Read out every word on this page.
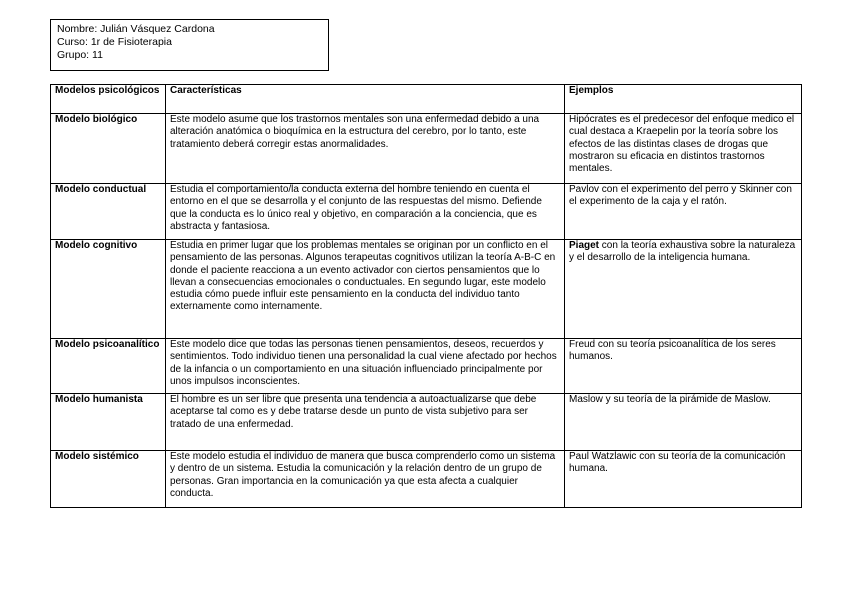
Nombre: Julián Vásquez Cardona
Curso: 1r de Fisioterapia
Grupo: 11
Modelos psicológicos	Características	Ejemplos
Modelo biológico	Este modelo asume que los trastornos mentales son una enfermedad debido a una alteración anatómica o bioquímica en la estructura del cerebro, por lo tanto, este tratamiento deberá corregir estas anormalidades.	Hipócrates es el predecesor del enfoque medico el cual destaca a Kraepelin por la teoría sobre los efectos de las distintas clases de drogas que mostraron su eficacia en distintos trastornos mentales.
Modelo conductual	Estudia el comportamiento/la conducta externa del hombre teniendo en cuenta el entorno en el que se desarrolla y el conjunto de las respuestas del mismo. Defiende que la conducta es lo único real y objetivo, en comparación a la conciencia, que es abstracta y fantasiosa.	Pavlov con el experimento del perro y Skinner con el experimento de la caja y el ratón.
Modelo cognitivo	Estudia en primer lugar que los problemas mentales se originan por un conflicto en el pensamiento de las personas. Algunos terapeutas cognitivos utilizan la teoría A-B-C en donde el paciente reacciona a un evento activador con ciertos pensamientos que lo llevan a consecuencias emocionales o conductuales. En segundo lugar, este modelo estudia cómo puede influir este pensamiento en la conducta del individuo tanto externamente como internamente.	Piaget con la teoría exhaustiva sobre la naturaleza y el desarrollo de la inteligencia humana.
Modelo psicoanalítico	Este modelo dice que todas las personas tienen pensamientos, deseos, recuerdos y sentimientos. Todo individuo tienen una personalidad la cual viene afectado por hechos de la infancia o un comportamiento en una situación influenciado principalmente por unos impulsos inconscientes.	Freud con su teoría psicoanalítica de los seres humanos.
Modelo humanista	El hombre es un ser libre que presenta una tendencia a autoactualizarse que debe aceptarse tal como es y debe tratarse desde un punto de vista subjetivo para ser tratado de una enfermedad.	Maslow y su teoría de la pirámide de Maslow.
Modelo sistémico	Este modelo estudia el individuo de manera que busca comprenderlo como un sistema y dentro de un sistema. Estudia la comunicación y la relación dentro de un grupo de personas. Gran importancia en la comunicación ya que esta afecta a cualquier conducta.	Paul Watzlawic con su teoría de la comunicación humana.
